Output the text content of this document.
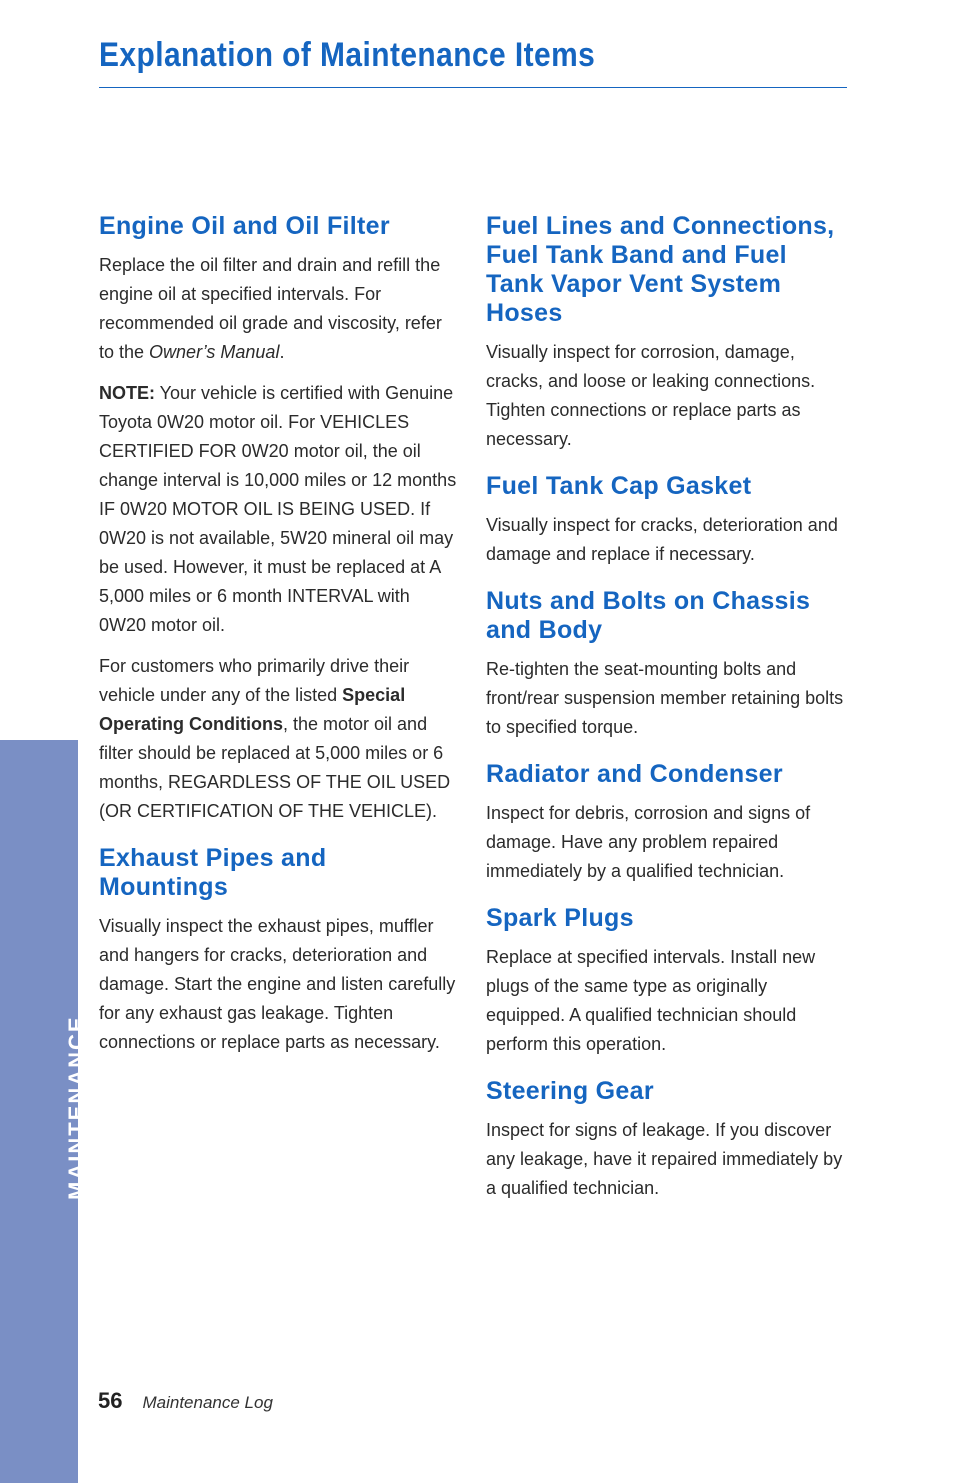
Explanation of Maintenance Items
MAINTENANCE
Engine Oil and Oil Filter

Replace the oil filter and drain and refill the engine oil at specified intervals. For recommended oil grade and viscosity, refer to the Owner’s Manual.

NOTE: Your vehicle is certified with Genuine Toyota 0W20 motor oil. For VEHICLES CERTIFIED FOR 0W20 motor oil, the oil change interval is 10,000 miles or 12 months IF 0W20 MOTOR OIL IS BEING USED. If 0W20 is not available, 5W20 mineral oil may be used. However, it must be replaced at A 5,000 miles or 6 month INTERVAL with 0W20 motor oil.

For customers who primarily drive their vehicle under any of the listed Special Operating Conditions, the motor oil and filter should be replaced at 5,000 miles or 6 months, REGARDLESS OF THE OIL USED (OR CERTIFICATION OF THE VEHICLE).

Exhaust Pipes and Mountings

Visually inspect the exhaust pipes, muffler and hangers for cracks, deterioration and damage. Start the engine and listen carefully for any exhaust gas leakage. Tighten connections or replace parts as necessary.

Fuel Lines and Connections, Fuel Tank Band and Fuel Tank Vapor Vent System Hoses

Visually inspect for corrosion, damage, cracks, and loose or leaking connections. Tighten connections or replace parts as necessary.

Fuel Tank Cap Gasket

Visually inspect for cracks, deterioration and damage and replace if necessary.

Nuts and Bolts on Chassis and Body

Re-tighten the seat-mounting bolts and front/rear suspension member retaining bolts to specified torque.

Radiator and Condenser

Inspect for debris, corrosion and signs of damage. Have any problem repaired immediately by a qualified technician.

Spark Plugs

Replace at specified intervals. Install new plugs of the same type as originally equipped. A qualified technician should perform this operation.

Steering Gear

Inspect for signs of leakage. If you discover any leakage, have it repaired immediately by a qualified technician.

56 Maintenance Log
